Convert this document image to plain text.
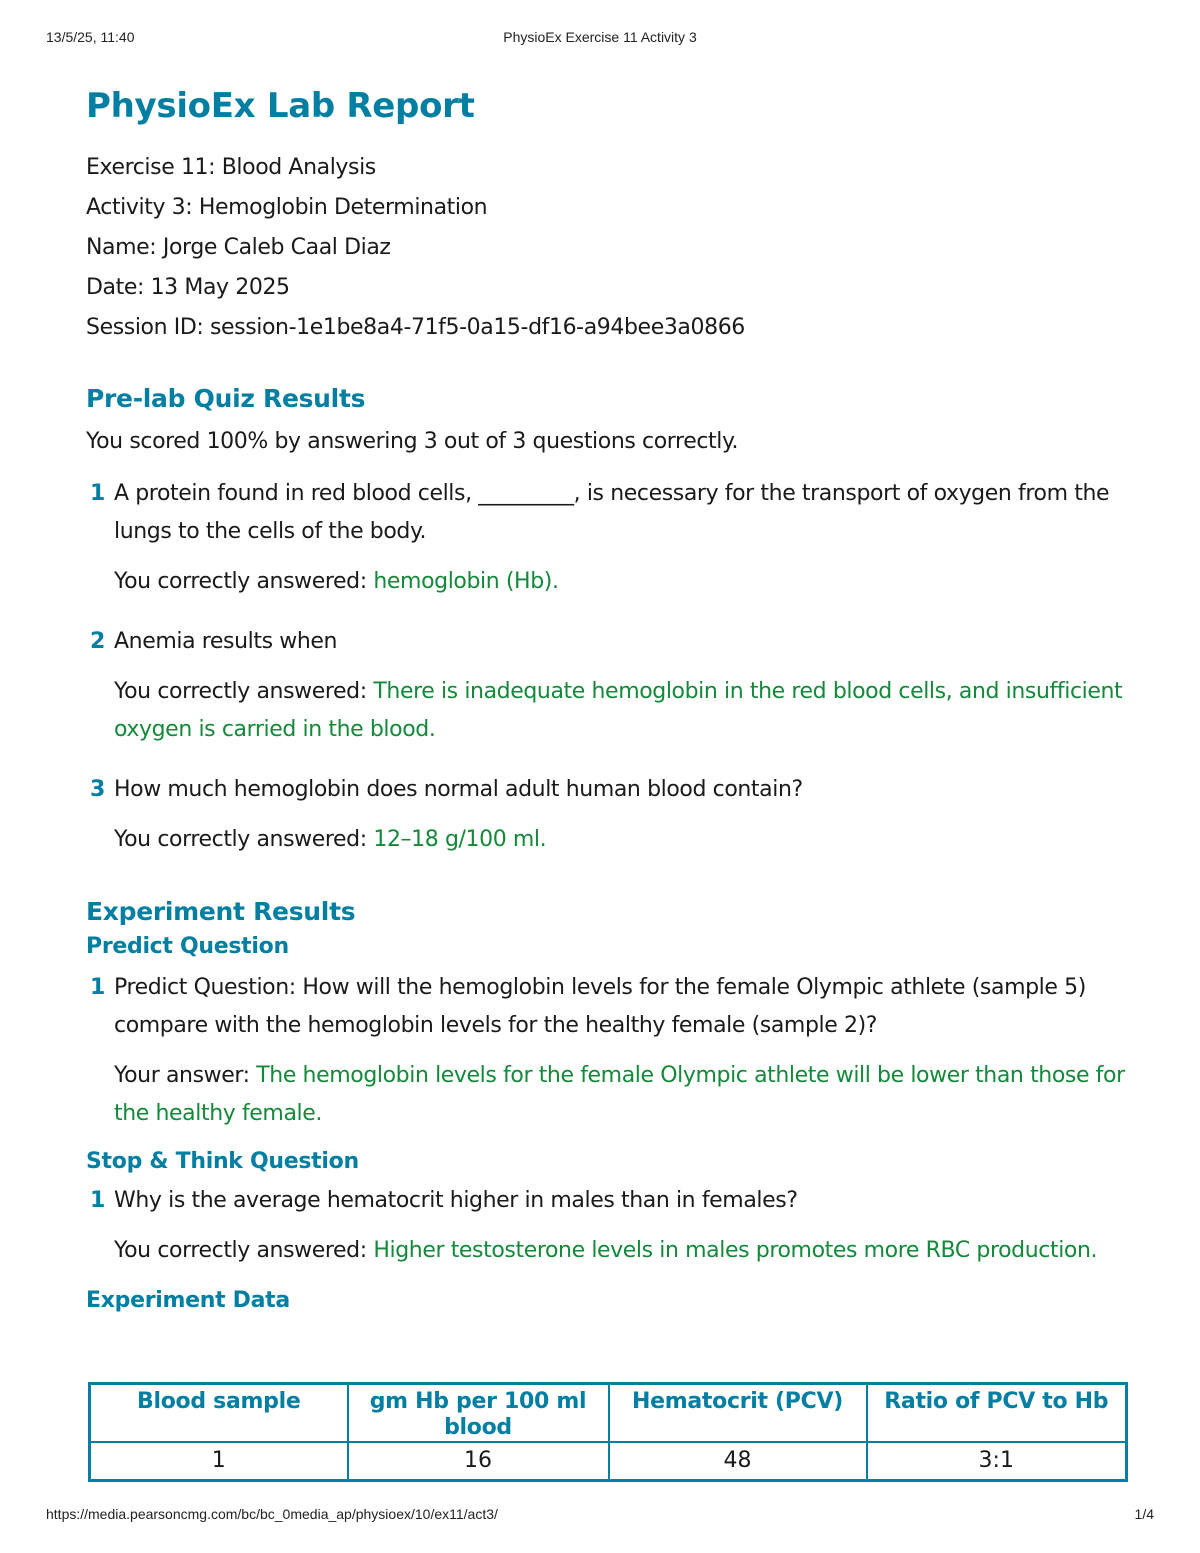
13/5/25, 11:40	PhysioEx Exercise 11 Activity 3
PhysioEx Lab Report

Exercise 11: Blood Analysis

Activity 3: Hemoglobin Determination

Name: Jorge Caleb Caal Diaz

Date: 13 May 2025

Session ID: session-1e1be8a4-71f5-0a15-df16-a94bee3a0866

Pre-lab Quiz Results

You scored 100% by answering 3 out of 3 questions correctly.

1 A protein found in red blood cells, _________, is necessary for the transport of oxygen from the lungs to the cells of the body.

You correctly answered: hemoglobin (Hb).

2 Anemia results when

You correctly answered: There is inadequate hemoglobin in the red blood cells, and insufficient oxygen is carried in the blood.

3 How much hemoglobin does normal adult human blood contain?

You correctly answered: 12–18 g/100 ml.

Experiment Results
Predict Question
1 Predict Question: How will the hemoglobin levels for the female Olympic athlete (sample 5) compare with the hemoglobin levels for the healthy female (sample 2)?

Your answer: The hemoglobin levels for the female Olympic athlete will be lower than those for the healthy female.

Stop & Think Question
1 Why is the average hematocrit higher in males than in females?

You correctly answered: Higher testosterone levels in males promotes more RBC production.

Experiment Data
Blood sample	gm Hb per 100 ml blood	Hematocrit (PCV)	Ratio of PCV to Hb
1	16	48	3:1
https://media.pearsoncmg.com/bc/bc_0media_ap/physioex/10/ex11/act3/	1/4
